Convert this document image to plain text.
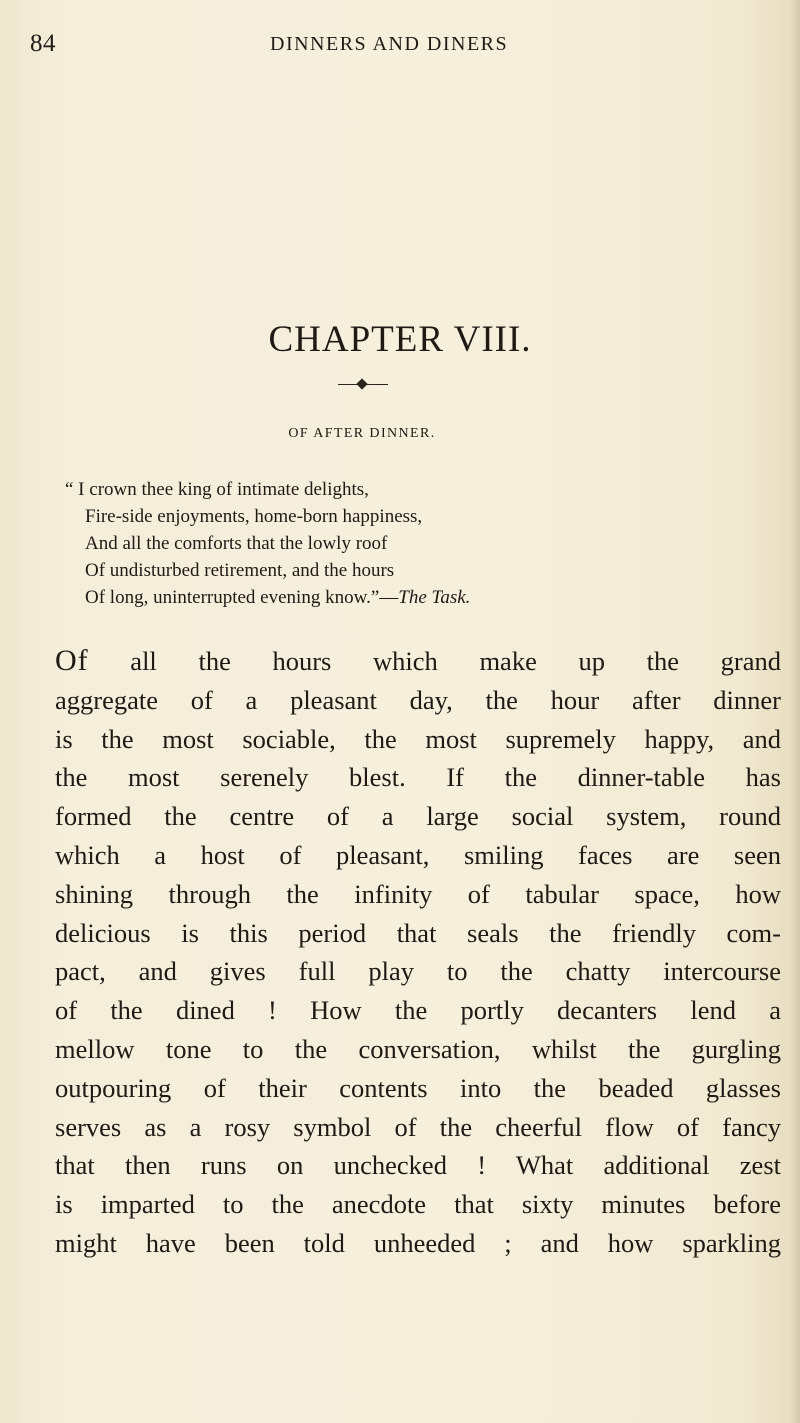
84	DINNERS AND DINERS
CHAPTER VIII.
OF AFTER DINNER.
“ I crown thee king of intimate delights,
Fire-side enjoyments, home-born happiness,
And all the comforts that the lowly roof
Of undisturbed retirement, and the hours
Of long, uninterrupted evening know.”—The Task.
Of all the hours which make up the grand
aggregate of a pleasant day, the hour after dinner
is the most sociable, the most supremely happy, and
the most serenely blest. If the dinner-table has
formed the centre of a large social system, round
which a host of pleasant, smiling faces are seen
shining through the infinity of tabular space, how
delicious is this period that seals the friendly com-
pact, and gives full play to the chatty intercourse
of the dined ! How the portly decanters lend a
mellow tone to the conversation, whilst the gurgling
outpouring of their contents into the beaded glasses
serves as a rosy symbol of the cheerful flow of fancy
that then runs on unchecked ! What additional zest
is imparted to the anecdote that sixty minutes before
might have been told unheeded ; and how sparkling
